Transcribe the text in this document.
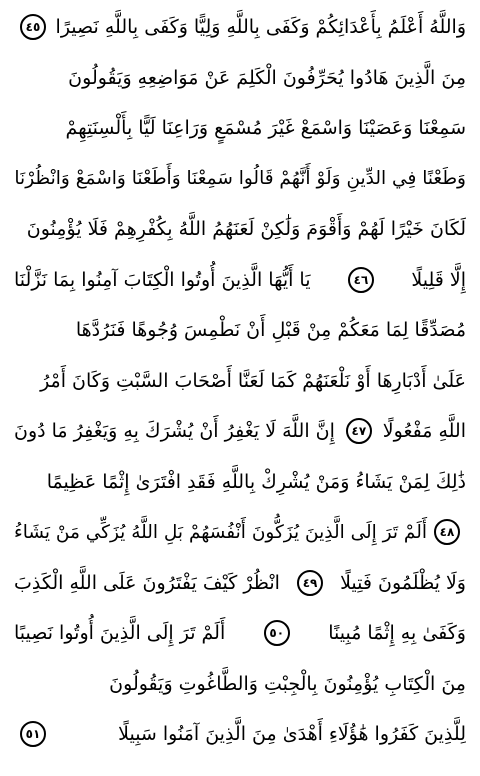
وَاللَّهُ أَعْلَمُ بِأَعْدَائِكُمْ وَكَفَى بِاللَّهِ وَلِيًّا وَكَفَى بِاللَّهِ نَصِيرًا
٤٥
مِنَ الَّذِينَ هَادُوا يُحَرِّفُونَ الْكَلِمَ عَنْ مَوَاضِعِهِ وَيَقُولُونَ
سَمِعْنَا وَعَصَيْنَا وَاسْمَعْ غَيْرَ مُسْمَعٍ وَرَاعِنَا لَيًّا بِأَلْسِنَتِهِمْ
وَطَعْنًا فِي الدِّينِ وَلَوْ أَنَّهُمْ قَالُوا سَمِعْنَا وَأَطَعْنَا وَاسْمَعْ وَانْظُرْنَا
لَكَانَ خَيْرًا لَهُمْ وَأَقْوَمَ وَلَٰكِنْ لَعَنَهُمُ اللَّهُ بِكُفْرِهِمْ فَلَا يُؤْمِنُونَ
إِلَّا قَلِيلًا
٤٦
يَا أَيُّهَا الَّذِينَ أُوتُوا الْكِتَابَ آمِنُوا بِمَا نَزَّلْنَا
مُصَدِّقًا لِمَا مَعَكُمْ مِنْ قَبْلِ أَنْ نَطْمِسَ وُجُوهًا فَنَرُدَّهَا
عَلَىٰ أَدْبَارِهَا أَوْ نَلْعَنَهُمْ كَمَا لَعَنَّا أَصْحَابَ السَّبْتِ وَكَانَ أَمْرُ
اللَّهِ مَفْعُولًا
٤٧
إِنَّ اللَّهَ لَا يَغْفِرُ أَنْ يُشْرَكَ بِهِ وَيَغْفِرُ مَا دُونَ
ذَٰلِكَ لِمَنْ يَشَاءُ وَمَنْ يُشْرِكْ بِاللَّهِ فَقَدِ افْتَرَىٰ إِثْمًا عَظِيمًا
٤٨
أَلَمْ تَرَ إِلَى الَّذِينَ يُزَكُّونَ أَنْفُسَهُمْ بَلِ اللَّهُ يُزَكِّي مَنْ يَشَاءُ
وَلَا يُظْلَمُونَ فَتِيلًا
٤٩
انْظُرْ كَيْفَ يَفْتَرُونَ عَلَى اللَّهِ الْكَذِبَ
وَكَفَىٰ بِهِ إِثْمًا مُبِينًا
٥٠
أَلَمْ تَرَ إِلَى الَّذِينَ أُوتُوا نَصِيبًا
مِنَ الْكِتَابِ يُؤْمِنُونَ بِالْجِبْتِ وَالطَّاغُوتِ وَيَقُولُونَ
لِلَّذِينَ كَفَرُوا هَٰؤُلَاءِ أَهْدَىٰ مِنَ الَّذِينَ آمَنُوا سَبِيلًا
٥١
